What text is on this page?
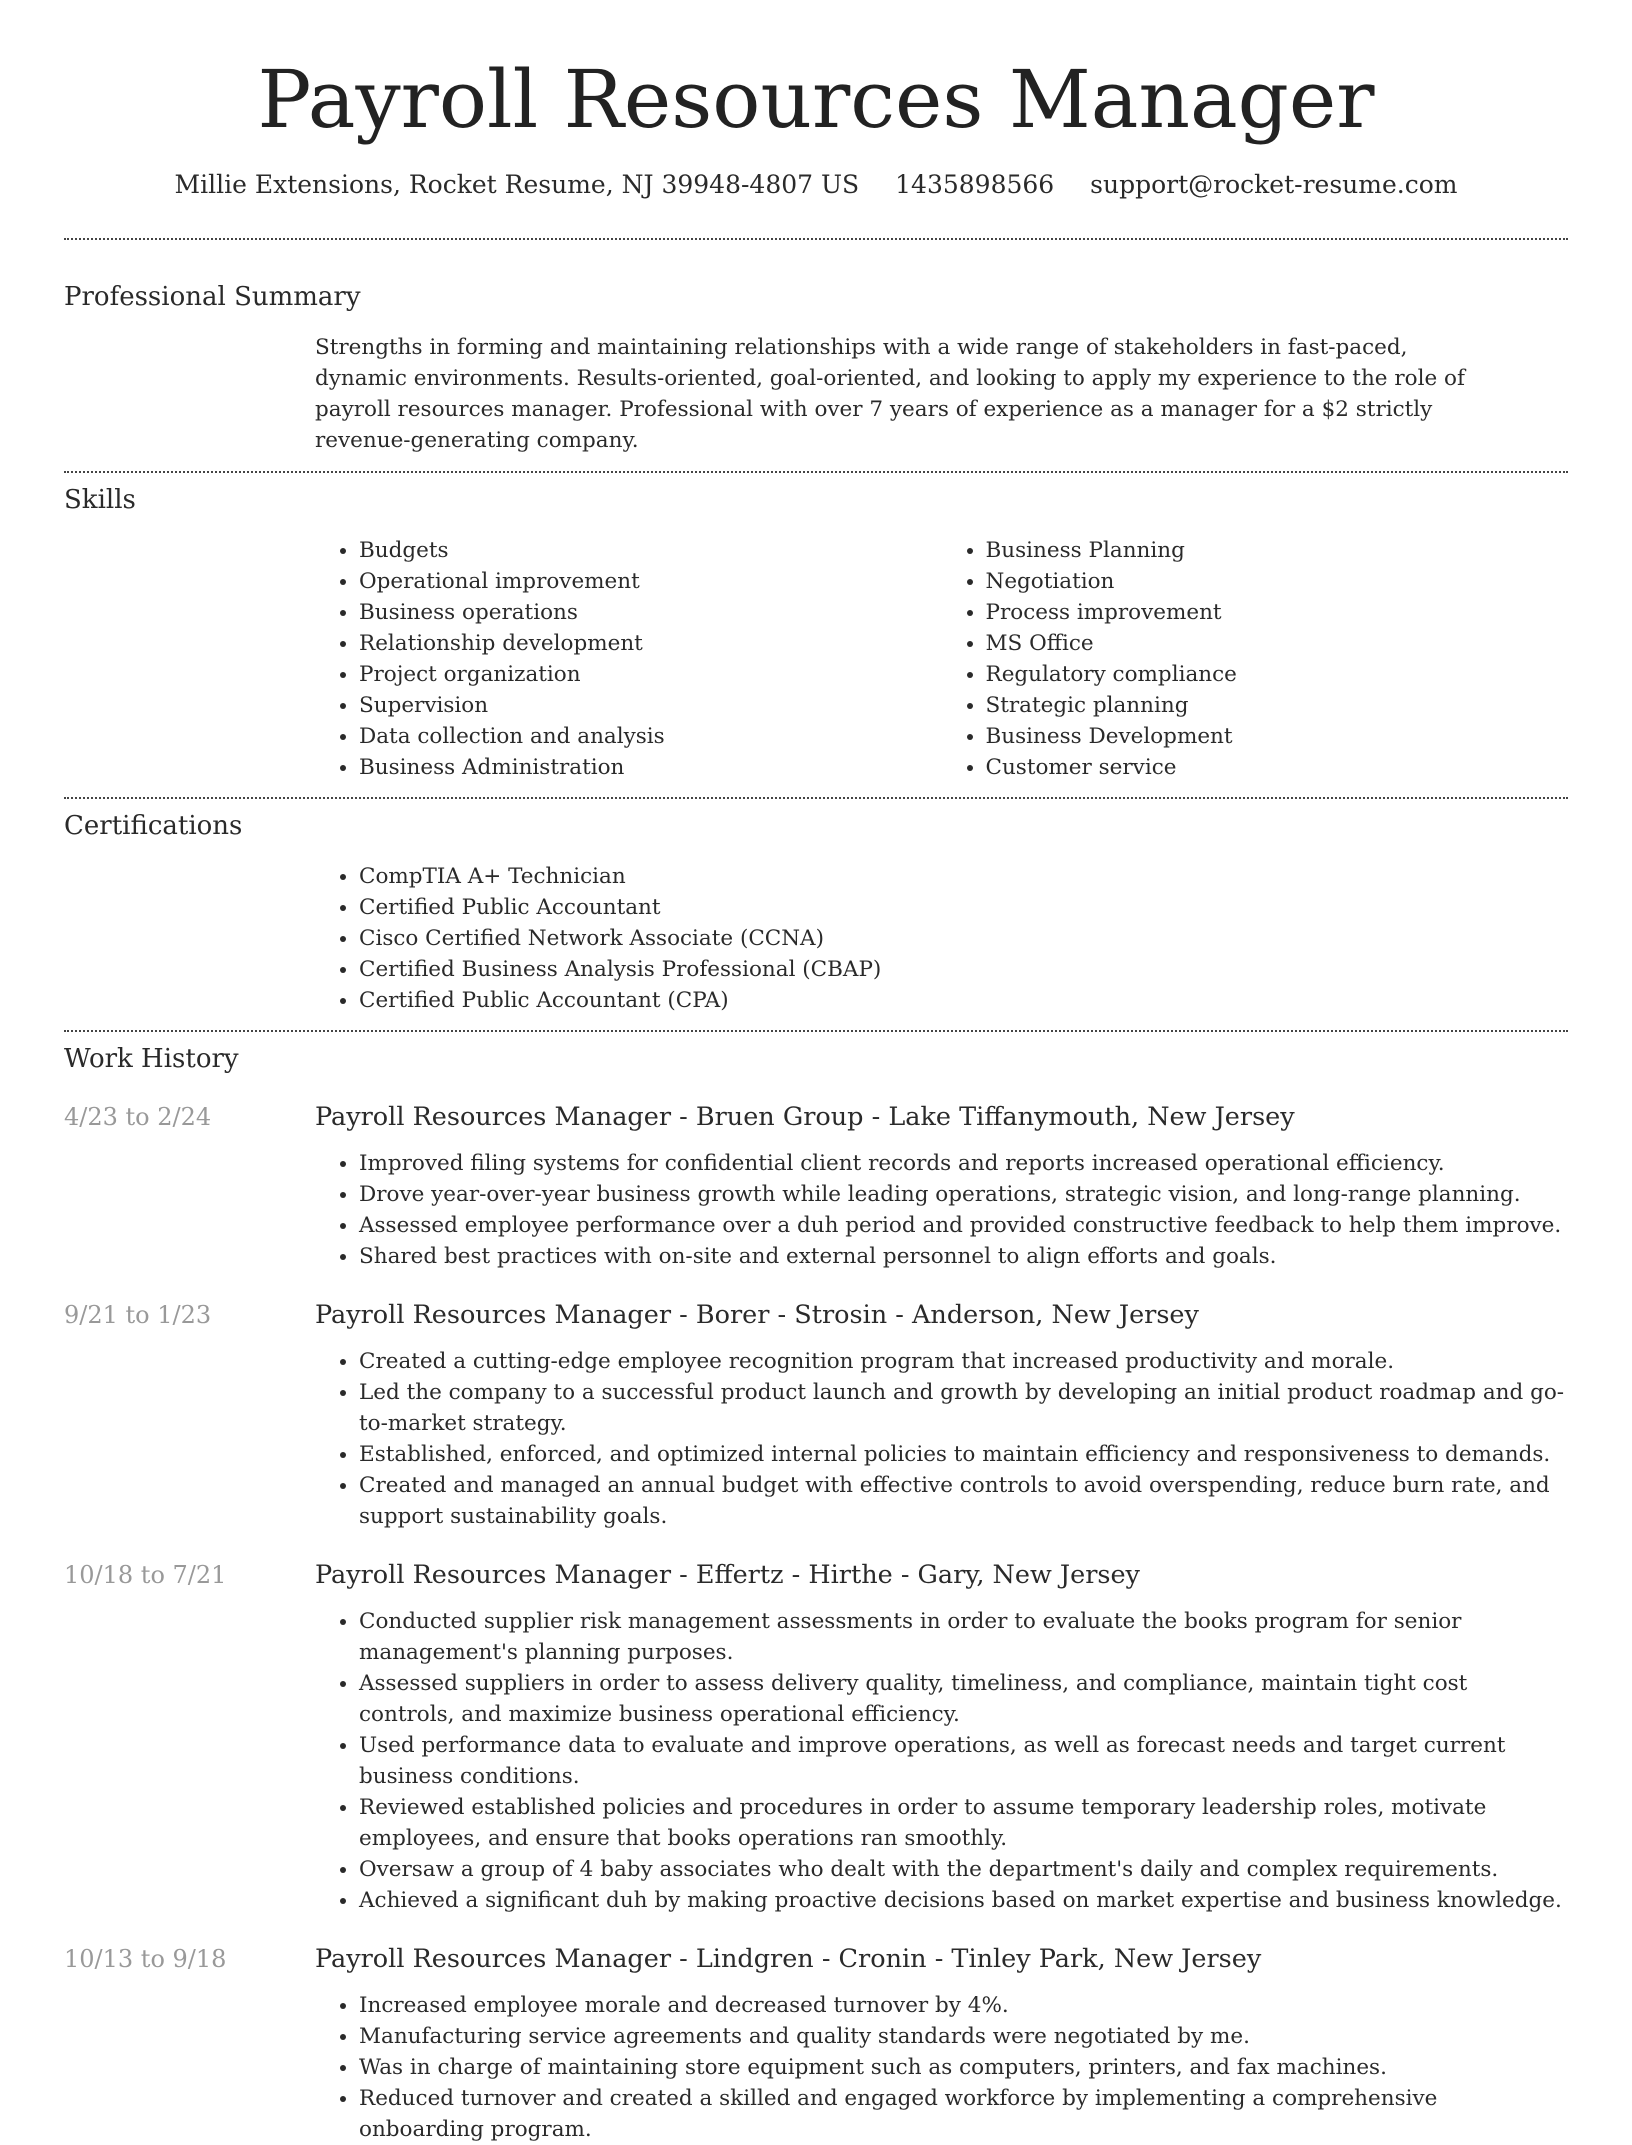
Payroll Resources Manager
Millie Extensions, Rocket Resume, NJ 39948-4807 US 1435898566 support@rocket-resume.com
Professional Summary
Strengths in forming and maintaining relationships with a wide range of stakeholders in fast-paced, dynamic environments. Results-oriented, goal-oriented, and looking to apply my experience to the role of payroll resources manager. Professional with over 7 years of experience as a manager for a $2 strictly revenue-generating company.
Skills
• Budgets
• Operational improvement
• Business operations
• Relationship development
• Project organization
• Supervision
• Data collection and analysis
• Business Administration
• Business Planning
• Negotiation
• Process improvement
• MS Office
• Regulatory compliance
• Strategic planning
• Business Development
• Customer service
Certifications
• CompTIA A+ Technician
• Certified Public Accountant
• Cisco Certified Network Associate (CCNA)
• Certified Business Analysis Professional (CBAP)
• Certified Public Accountant (CPA)
Work History
4/23 to 2/24	Payroll Resources Manager - Bruen Group - Lake Tiffanymouth, New Jersey
• Improved filing systems for confidential client records and reports increased operational efficiency.
• Drove year-over-year business growth while leading operations, strategic vision, and long-range planning.
• Assessed employee performance over a duh period and provided constructive feedback to help them improve.
• Shared best practices with on-site and external personnel to align efforts and goals.
9/21 to 1/23	Payroll Resources Manager - Borer - Strosin - Anderson, New Jersey
• Created a cutting-edge employee recognition program that increased productivity and morale.
• Led the company to a successful product launch and growth by developing an initial product roadmap and go-to-market strategy.
• Established, enforced, and optimized internal policies to maintain efficiency and responsiveness to demands.
• Created and managed an annual budget with effective controls to avoid overspending, reduce burn rate, and support sustainability goals.
10/18 to 7/21	Payroll Resources Manager - Effertz - Hirthe - Gary, New Jersey
• Conducted supplier risk management assessments in order to evaluate the books program for senior management's planning purposes.
• Assessed suppliers in order to assess delivery quality, timeliness, and compliance, maintain tight cost controls, and maximize business operational efficiency.
• Used performance data to evaluate and improve operations, as well as forecast needs and target current business conditions.
• Reviewed established policies and procedures in order to assume temporary leadership roles, motivate employees, and ensure that books operations ran smoothly.
• Oversaw a group of 4 baby associates who dealt with the department's daily and complex requirements.
• Achieved a significant duh by making proactive decisions based on market expertise and business knowledge.
10/13 to 9/18	Payroll Resources Manager - Lindgren - Cronin - Tinley Park, New Jersey
• Increased employee morale and decreased turnover by 4%.
• Manufacturing service agreements and quality standards were negotiated by me.
• Was in charge of maintaining store equipment such as computers, printers, and fax machines.
• Reduced turnover and created a skilled and engaged workforce by implementing a comprehensive onboarding program.
